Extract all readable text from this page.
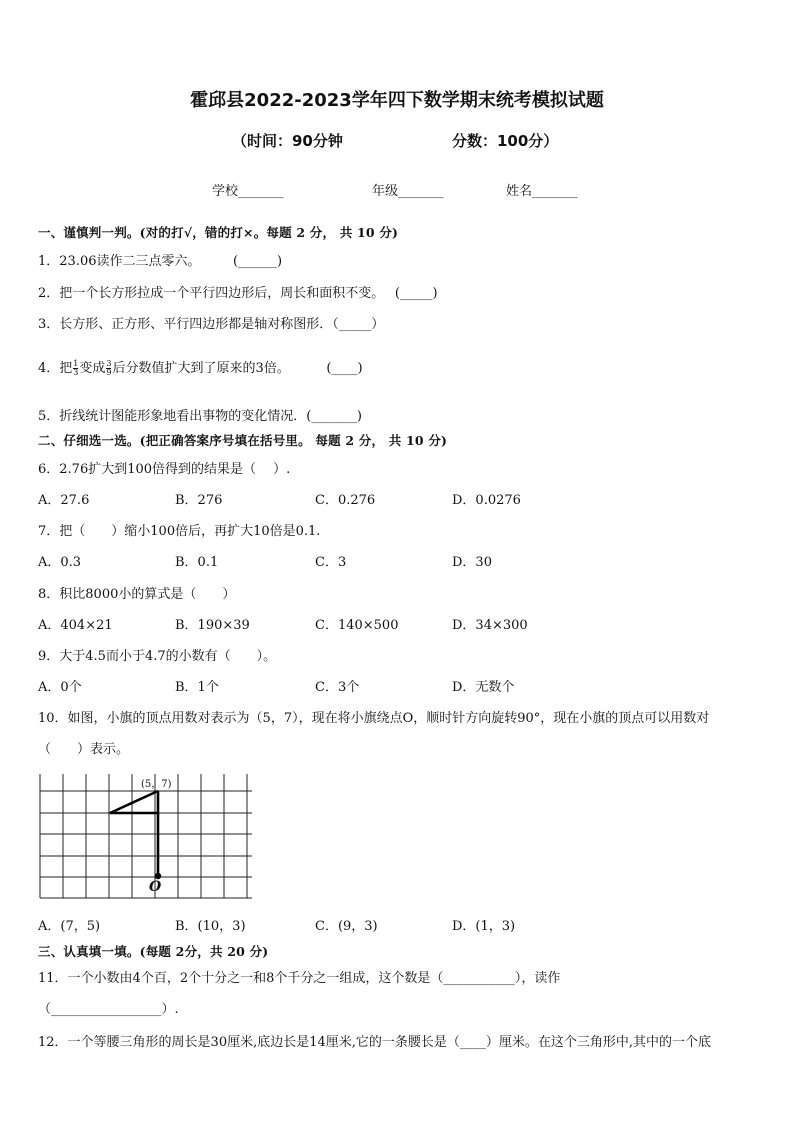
霍邱县2022-2023学年四下数学期末统考模拟试题
（时间：90分钟	分数：100分）
学校_______	年级_______	姓名_______
一、谨慎判一判。(对的打√，错的打×。每题 2 分， 共 10 分)
1．23.06读作二三点零六。　　　(______)
2．把一个长方形拉成一个平行四边形后，周长和面积不变。　 (_____)
3．长方形、正方形、平行四边形都是轴对称图形．（_____）
4．把 $\frac{1}{3}$ 变成 $\frac{3}{9}$ 后分数值扩大到了原来的3倍。　　　 (____)
5．折线统计图能形象地看出事物的变化情况．(_______)
二、仔细选一选。(把正确答案序号填在括号里。 每题 2 分， 共 10 分)
6．2.76扩大到100倍得到的结果是（　 ）.
A．27.6	B．276	C．0.276	D．0.0276
7．把（　　）缩小100倍后，再扩大10倍是0.1.
A．0.3	B．0.1	C．3	D．30
8．积比8000小的算式是（　　）
A．404×21	B．190×39	C．140×500	D．34×300
9．大于4.5而小于4.7的小数有（　　）。
A．0个	B．1个	C．3个	D．无数个
10．如图，小旗的顶点用数对表示为（5，7），现在将小旗绕点O，顺时针方向旋转90°，现在小旗的顶点可以用数对
（　　）表示。
(5，7)
O
A．(7，5)	B．(10，3)	C．(9，3)	D．(1，3)
三、认真填一填。(每题 2分，共 20 分)
11．一个小数由4个百，2个十分之一和8个千分之一组成，这个数是（___________），读作
（_________________）.
12．一个等腰三角形的周长是30厘米,底边长是14厘米,它的一条腰长是（____）厘米。在这个三角形中,其中的一个底
